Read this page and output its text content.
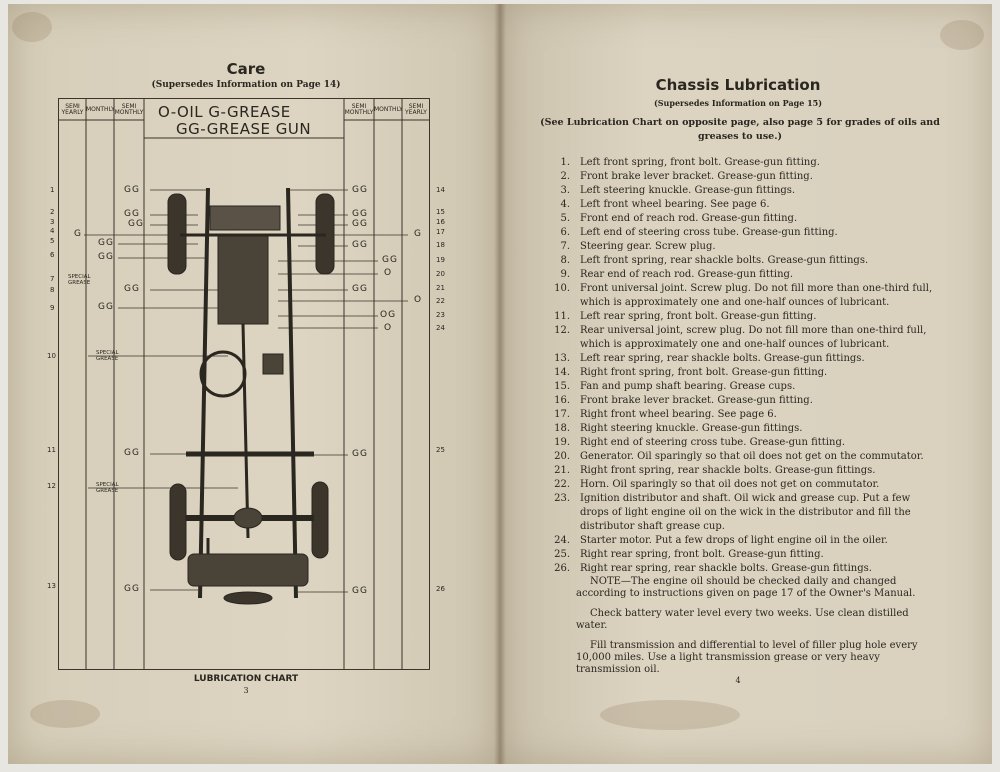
Care
(Supersedes Information on Page 14)
SEMI YEARLY MONTHLY	SEMI MONTHLY
SEMI MONTHLY MONTHLY SEMI YEARLY
O-OIL G-GREASE
GG-GREASE GUN
1
2
3
4
5
6
7
8
9
10
11
12
13
14
15
16
17
18
19
20
21
22
23
24
25
26
GG
GG
GG
G
GG
GG
GG
GG
GG
GG
SPECIAL GREASE
SPECIAL GREASE
SPECIAL GREASE
GG
GG
GG
G
GG
GG
O
GG
O
OG
O
GG
GG
LUBRICATION CHART
3
Chassis Lubrication
(Supersedes Information on Page 15)
(See Lubrication Chart on opposite page, also page 5 for grades of oils and greases to use.)
1. Left front spring, front bolt. Grease-gun fitting.
2. Front brake lever bracket. Grease-gun fitting.
3. Left steering knuckle. Grease-gun fittings.
4. Left front wheel bearing. See page 6.
5. Front end of reach rod. Grease-gun fitting.
6. Left end of steering cross tube. Grease-gun fitting.
7. Steering gear. Screw plug.
8. Left front spring, rear shackle bolts. Grease-gun fittings.
9. Rear end of reach rod. Grease-gun fitting.
10. Front universal joint. Screw plug. Do not fill more than one-third full, which is approximately one and one-half ounces of lubricant.
11. Left rear spring, front bolt. Grease-gun fitting.
12. Rear universal joint, screw plug. Do not fill more than one-third full, which is approximately one and one-half ounces of lubricant.
13. Left rear spring, rear shackle bolts. Grease-gun fittings.
14. Right front spring, front bolt. Grease-gun fitting.
15. Fan and pump shaft bearing. Grease cups.
16. Front brake lever bracket. Grease-gun fitting.
17. Right front wheel bearing. See page 6.
18. Right steering knuckle. Grease-gun fittings.
19. Right end of steering cross tube. Grease-gun fitting.
20. Generator. Oil sparingly so that oil does not get on the commutator.
21. Right front spring, rear shackle bolts. Grease-gun fittings.
22. Horn. Oil sparingly so that oil does not get on commutator.
23. Ignition distributor and shaft. Oil wick and grease cup. Put a few drops of light engine oil on the wick in the distributor and fill the distributor shaft grease cup.
24. Starter motor. Put a few drops of light engine oil in the oiler.
25. Right rear spring, front bolt. Grease-gun fitting.
26. Right rear spring, rear shackle bolts. Grease-gun fittings.

NOTE—The engine oil should be checked daily and changed according to instructions given on page 17 of the Owner's Manual.

Check battery water level every two weeks. Use clean distilled water.

Fill transmission and differential to level of filler plug hole every 10,000 miles. Use a light transmission grease or very heavy transmission oil.

4
